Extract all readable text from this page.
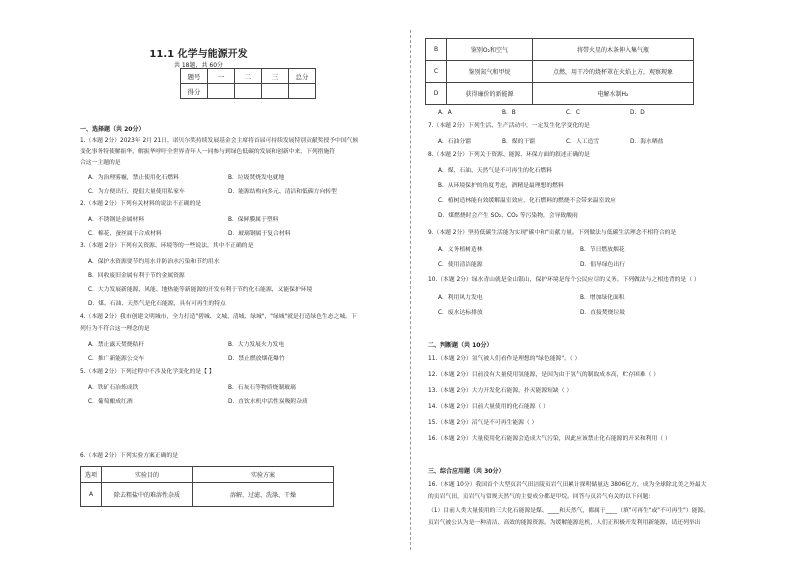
11.1 化学与能源开发
共 18题，共 60分
题号	一	二	三	总分
得分				
一、选择题（共 20分）
1.（本题 2分）2023年 2月 21日，诺贝尔奖持续发展基金会主席将首届可持续发展特别贡献奖授予中国气候
变化事务特使解振华，解振华呼吁全世界青年人一同参与到绿色低碳的发展和创新中来，下列措施符
合这一主题的是
A．为治理雾霾，禁止使用化石燃料	B．垃圾焚烧发电就地
C．为方便出行，提倡大量使用私家车	D．能源结构向多元、清洁和低碳方向转型
2.（本题 2分）下列有关材料的说法不正确的是
A．不锈钢是金属材料	B．保鲜膜属于塑料
C．棉花、蚕丝属于合成材料	D．玻璃钢属于复合材料
3.（本题 2分）下列有关资源、环境等的一些说法，其中不正确的是
A．保护水资源要节约用水并防治水污染和节约用水
B．回收废旧金属有利于节约金属资源
C．大力发展新能源，风能、地热能等新能源的开发有利于节约化石能源，又能保护环境
D．煤、石油、天然气是化石能源，具有可再生的特点
4.（本题 2分）我市创建文明城市，全力打造"碧城、文城、清城、绿城"，"绿城"就是打造绿色生态之城。下
列行为不符合这一理念的是
A．禁止露天焚烧秸秆	B．大力发展火力发电
C．推广新能源公交车	D．禁止燃放烟花爆竹
5.（本题 2分）下列过程中不涉及化学变化的是【 】
A．铁矿石冶炼成铁	B．石灰石等物质烧制玻璃
C．葡萄酿成红酒	D．直饮水机中活性炭吸附杂质
6.（本题 2分）下列实验方案正确的是
选项	实验目的	实验方案
A	除去粗盐中的难溶性杂质	溶解、过滤、洗涤、干燥
B	鉴别O₂和空气	将带火星的木条伸入集气瓶
C	鉴别氮气和甲烷	点燃，用干冷的烧杯罩在火焰上方，观察现象
D	获得廉价的新能源	电解水制H₂
A．A	B．B	C．C	D．D
7.（本题 2分）下列生活、生产活动中，一定发生化学变化的是
A．石油分馏	B．煤的干馏	C．人工造雪	D．海水晒盐
8.（本题 2分）下列关于资源、能源、环保方面的叙述正确的是
A．煤、石油、天然气是不可再生的化石燃料
B．从环境保护的角度考虑，酒精是最理想的燃料
C．植树造林能有效缓解温室效应，化石燃料的燃烧不会带来温室效应
D．煤燃烧时会产生 SO₂、CO₂ 等污染物，会导致酸雨
9.（本题 2分）坚持低碳生活能为实现"碳中和"贡献力量。下列做法与低碳生活理念不相符合的是
A．义务植树造林	B．节日燃放烟花
C．使用清洁能源	D．倡导绿色出行
10.（本题 2分）绿水青山就是金山银山，保护环境是每个公民应尽的义务。下列做法与之相违背的是（ ）
A．利用风力发电	B．增加绿化面积
C．废水达标排放	D．直接焚烧垃圾
二、判断题（共 10分）
11.（本题 2分）氢气被人们看作是理想的"绿色能源"。（ ）
12.（本题 2分）目前没有大量使用氢能源，是因为由于氢气的制取成本高，贮存困难（ ）
13.（本题 2分）大力开发化石能源，扑灭能源短缺（ ）
14.（本题 2分）目前大量使用的化石能源（ ）
15.（本题 2分）沼气是不可再生能源（ ）
16.（本题 2分）大量使用化石能源会造成大气污染，因此应该禁止化石能源的开采和利用（ ）
三、综合应用题（共 30分）
16.（本题 10分）我国首个大型页岩气田涪陵页岩气田累计探明储量达 3806亿方，成为全球除北美之外最大
的页岩气田，页岩气与常规天然气的主要成分都是甲烷。回答与页岩气有关的以下问题：
（1）目前人类大量使用的三大化石能源是煤、____和天然气，都属于____（填"可再生"或"不可再生"）能源。
页岩气被公认为是一种清洁、高效的能源资源。为缓解能源危机，人们正积极开发利用新能源，请还列举出
